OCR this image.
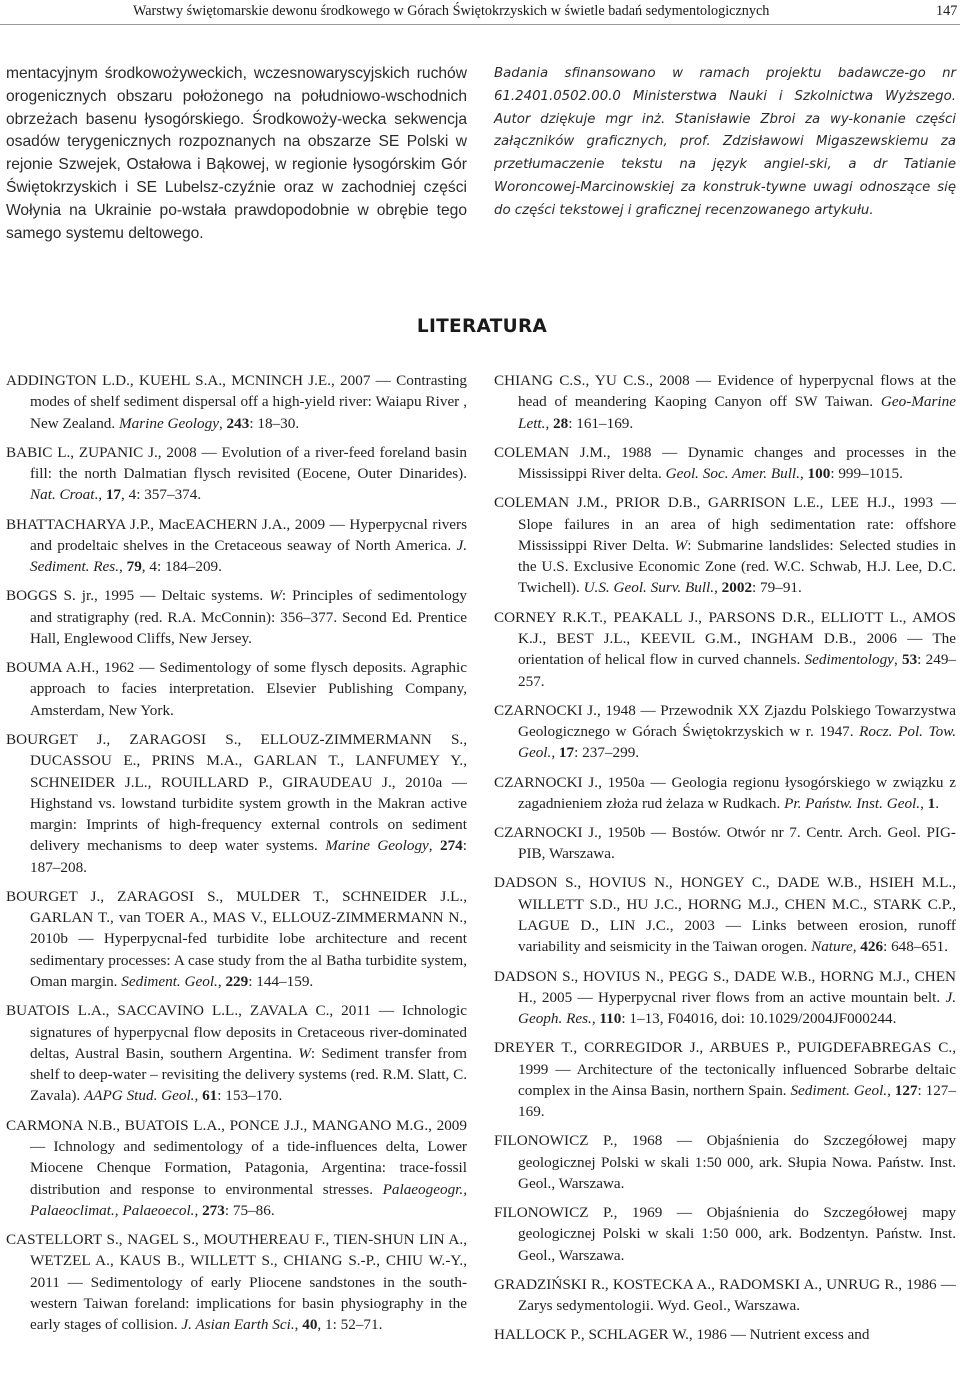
Warstwy świętomarskie dewonu środkowego w Górach Świętokrzyskich w świetle badań sedymentologicznych	147

mentacyjnym środkowożyweckich, wczesnowaryscyjskich ruchów orogenicznych obszaru położonego na południowo-wschodnich obrzeżach basenu łysogórskiego. Środkowoży-wecka sekwencja osadów terygenicznych rozpoznanych na obszarze SE Polski w rejonie Szwejek, Ostałowa i Bąkowej, w regionie łysogórskim Gór Świętokrzyskich i SE Lubelsz-czyźnie oraz w zachodniej części Wołynia na Ukrainie po-wstała prawdopodobnie w obrębie tego samego systemu deltowego.

Badania sfinansowano w ramach projektu badawcze-go nr 61.2401.0502.00.0 Ministerstwa Nauki i Szkolnictwa Wyższego. Autor dziękuje mgr inż. Stanisławie Zbroi za wy-konanie części załączników graficznych, prof. Zdzisławowi Migaszewskiemu za przetłumaczenie tekstu na język angiel-ski, a dr Tatianie Woroncowej-Marcinowskiej za konstruk-tywne uwagi odnoszące się do części tekstowej i graficznej recenzowanego artykułu.

LITERATURA

ADDINGTON L.D., KUEHL S.A., MCNINCH J.E., 2007 — Contrasting modes of shelf sediment dispersal off a high-yield river: Waiapu River , New Zealand. Marine Geology, 243: 18–30.

BABIC L., ZUPANIC J., 2008 — Evolution of a river-feed foreland basin fill: the north Dalmatian flysch revisited (Eocene, Outer Dinarides). Nat. Croat., 17, 4: 357–374.

BHATTACHARYA J.P., MacEACHERN J.A., 2009 — Hyperpycnal rivers and prodeltaic shelves in the Cretaceous seaway of North America. J. Sediment. Res., 79, 4: 184–209.

BOGGS S. jr., 1995 — Deltaic systems. W: Principles of sedimentology and stratigraphy (red. R.A. McConnin): 356–377. Second Ed. Prentice Hall, Englewood Cliffs, New Jersey.

BOUMA A.H., 1962 — Sedimentology of some flysch deposits. Agraphic approach to facies interpretation. Elsevier Publishing Company, Amsterdam, New York.

BOURGET J., ZARAGOSI S., ELLOUZ-ZIMMERMANN S., DUCASSOU E., PRINS M.A., GARLAN T., LANFUMEY Y., SCHNEIDER J.L., ROUILLARD P., GIRAUDEAU J., 2010a — Highstand vs. lowstand turbidite system growth in the Makran active margin: Imprints of high-frequency external controls on sediment delivery mechanisms to deep water systems. Marine Geology, 274: 187–208.

BOURGET J., ZARAGOSI S., MULDER T., SCHNEIDER J.L., GARLAN T., van TOER A., MAS V., ELLOUZ-ZIMMERMANN N., 2010b — Hyperpycnal-fed turbidite lobe architecture and recent sedimentary processes: A case study from the al Batha turbidite system, Oman margin. Sediment. Geol., 229: 144–159.

BUATOIS L.A., SACCAVINO L.L., ZAVALA C., 2011 — Ichnologic signatures of hyperpycnal flow deposits in Cretaceous river-dominated deltas, Austral Basin, southern Argentina. W: Sediment transfer from shelf to deep-water – revisiting the delivery systems (red. R.M. Slatt, C. Zavala). AAPG Stud. Geol., 61: 153–170.

CARMONA N.B., BUATOIS L.A., PONCE J.J., MANGANO M.G., 2009 — Ichnology and sedimentology of a tide-influences delta, Lower Miocene Chenque Formation, Patagonia, Argentina: trace-fossil distribution and response to environmental stresses. Palaeogeogr., Palaeoclimat., Palaeoecol., 273: 75–86.

CASTELLORT S., NAGEL S., MOUTHEREAU F., TIEN-SHUN LIN A., WETZEL A., KAUS B., WILLETT S., CHIANG S.-P., CHIU W.-Y., 2011 — Sedimentology of early Pliocene sandstones in the south-western Taiwan foreland: implications for basin physiography in the early stages of collision. J. Asian Earth Sci., 40, 1: 52–71.

CHIANG C.S., YU C.S., 2008 — Evidence of hyperpycnal flows at the head of meandering Kaoping Canyon off SW Taiwan. Geo-Marine Lett., 28: 161–169.

COLEMAN J.M., 1988 — Dynamic changes and processes in the Mississippi River delta. Geol. Soc. Amer. Bull., 100: 999–1015.

COLEMAN J.M., PRIOR D.B., GARRISON L.E., LEE H.J., 1993 — Slope failures in an area of high sedimentation rate: offshore Mississippi River Delta. W: Submarine landslides: Selected studies in the U.S. Exclusive Economic Zone (red. W.C. Schwab, H.J. Lee, D.C. Twichell). U.S. Geol. Surv. Bull., 2002: 79–91.

CORNEY R.K.T., PEAKALL J., PARSONS D.R., ELLIOTT L., AMOS K.J., BEST J.L., KEEVIL G.M., INGHAM D.B., 2006 — The orientation of helical flow in curved channels. Sedimentology, 53: 249–257.

CZARNOCKI J., 1948 — Przewodnik XX Zjazdu Polskiego Towarzystwa Geologicznego w Górach Świętokrzyskich w r. 1947. Rocz. Pol. Tow. Geol., 17: 237–299.

CZARNOCKI J., 1950a — Geologia regionu łysogórskiego w związku z zagadnieniem złoża rud żelaza w Rudkach. Pr. Państw. Inst. Geol., 1.

CZARNOCKI J., 1950b — Bostów. Otwór nr 7. Centr. Arch. Geol. PIG-PIB, Warszawa.

DADSON S., HOVIUS N., HONGEY C., DADE W.B., HSIEH M.L., WILLETT S.D., HU J.C., HORNG M.J., CHEN M.C., STARK C.P., LAGUE D., LIN J.C., 2003 — Links between erosion, runoff variability and seismicity in the Taiwan orogen. Nature, 426: 648–651.

DADSON S., HOVIUS N., PEGG S., DADE W.B., HORNG M.J., CHEN H., 2005 — Hyperpycnal river flows from an active mountain belt. J. Geoph. Res., 110: 1–13, F04016, doi: 10.1029/2004JF000244.

DREYER T., CORREGIDOR J., ARBUES P., PUIGDEFABREGAS C., 1999 — Architecture of the tectonically influenced Sobrarbe deltaic complex in the Ainsa Basin, northern Spain. Sediment. Geol., 127: 127–169.

FILONOWICZ P., 1968 — Objaśnienia do Szczegółowej mapy geologicznej Polski w skali 1:50 000, ark. Słupia Nowa. Państw. Inst. Geol., Warszawa.

FILONOWICZ P., 1969 — Objaśnienia do Szczegółowej mapy geologicznej Polski w skali 1:50 000, ark. Bodzentyn. Państw. Inst. Geol., Warszawa.

GRADZIŃSKI R., KOSTECKA A., RADOMSKI A., UNRUG R., 1986 — Zarys sedymentologii. Wyd. Geol., Warszawa.

HALLOCK P., SCHLAGER W., 1986 — Nutrient excess and
